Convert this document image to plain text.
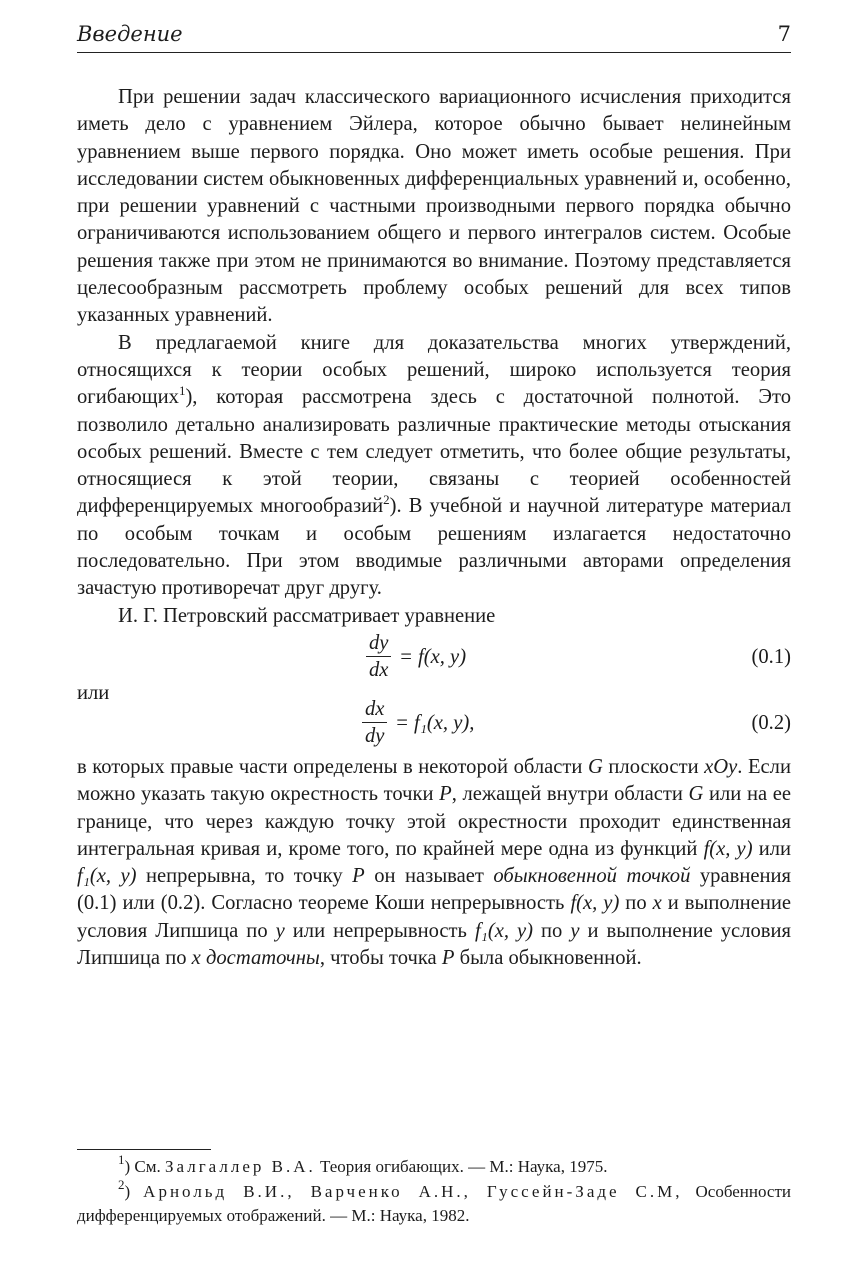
Введение	7

При решении задач классического вариационного исчисления приходится иметь дело с уравнением Эйлера, которое обычно бывает нелинейным уравнением выше первого порядка. Оно может иметь особые решения. При исследовании систем обыкновенных дифференциальных уравнений и, особенно, при решении уравнений с частными производными первого порядка обычно ограничиваются использованием общего и первого интегралов систем. Особые решения также при этом не принимаются во внимание. Поэтому представляется целесообразным рассмотреть проблему особых решений для всех типов указанных уравнений.

В предлагаемой книге для доказательства многих утверждений, относящихся к теории особых решений, широко используется теория огибающих$^1$), которая рассмотрена здесь с достаточной полнотой. Это позволило детально анализировать различные практические методы отыскания особых решений. Вместе с тем следует отметить, что более общие результаты, относящиеся к этой теории, связаны с теорией особенностей дифференцируемых многообразий$^2$). В учебной и научной литературе материал по особым точкам и особым решениям излагается недостаточно последовательно. При этом вводимые различными авторами определения зачастую противоречат друг другу.

И. Г. Петровский рассматривает уравнение

$\frac{dy}{dx} = f(x$, y)	(0.1)
или
$\frac{dx}{dy} = f_1(x$, y),	(0.2)

в которых правые части определены в некоторой области G плоскости xOy. Если можно указать такую окрестность точки P, лежащей внутри области G или на ее границе, что через каждую точку этой окрестности проходит единственная интегральная кривая и, кроме того, по крайней мере одна из функций f(x, y) или f₁(x, y) непрерывна, то точку P он называет обыкновенной точкой уравнения (0.1) или (0.2). Согласно теореме Коши непрерывность f(x, y) по x и выполнение условия Липшица по y или непрерывность f₁(x, y) по y и выполнение условия Липшица по x достаточны, чтобы точка P была обыкновенной.

$^1$) См. Залгаллер В.А. Теория огибающих. — М.: Наука, 1975.

$^2$) Арнольд В.И., Варченко А.Н., Гуссейн-Заде С.М, Особенности дифференцируемых отображений. — М.: Наука, 1982.
